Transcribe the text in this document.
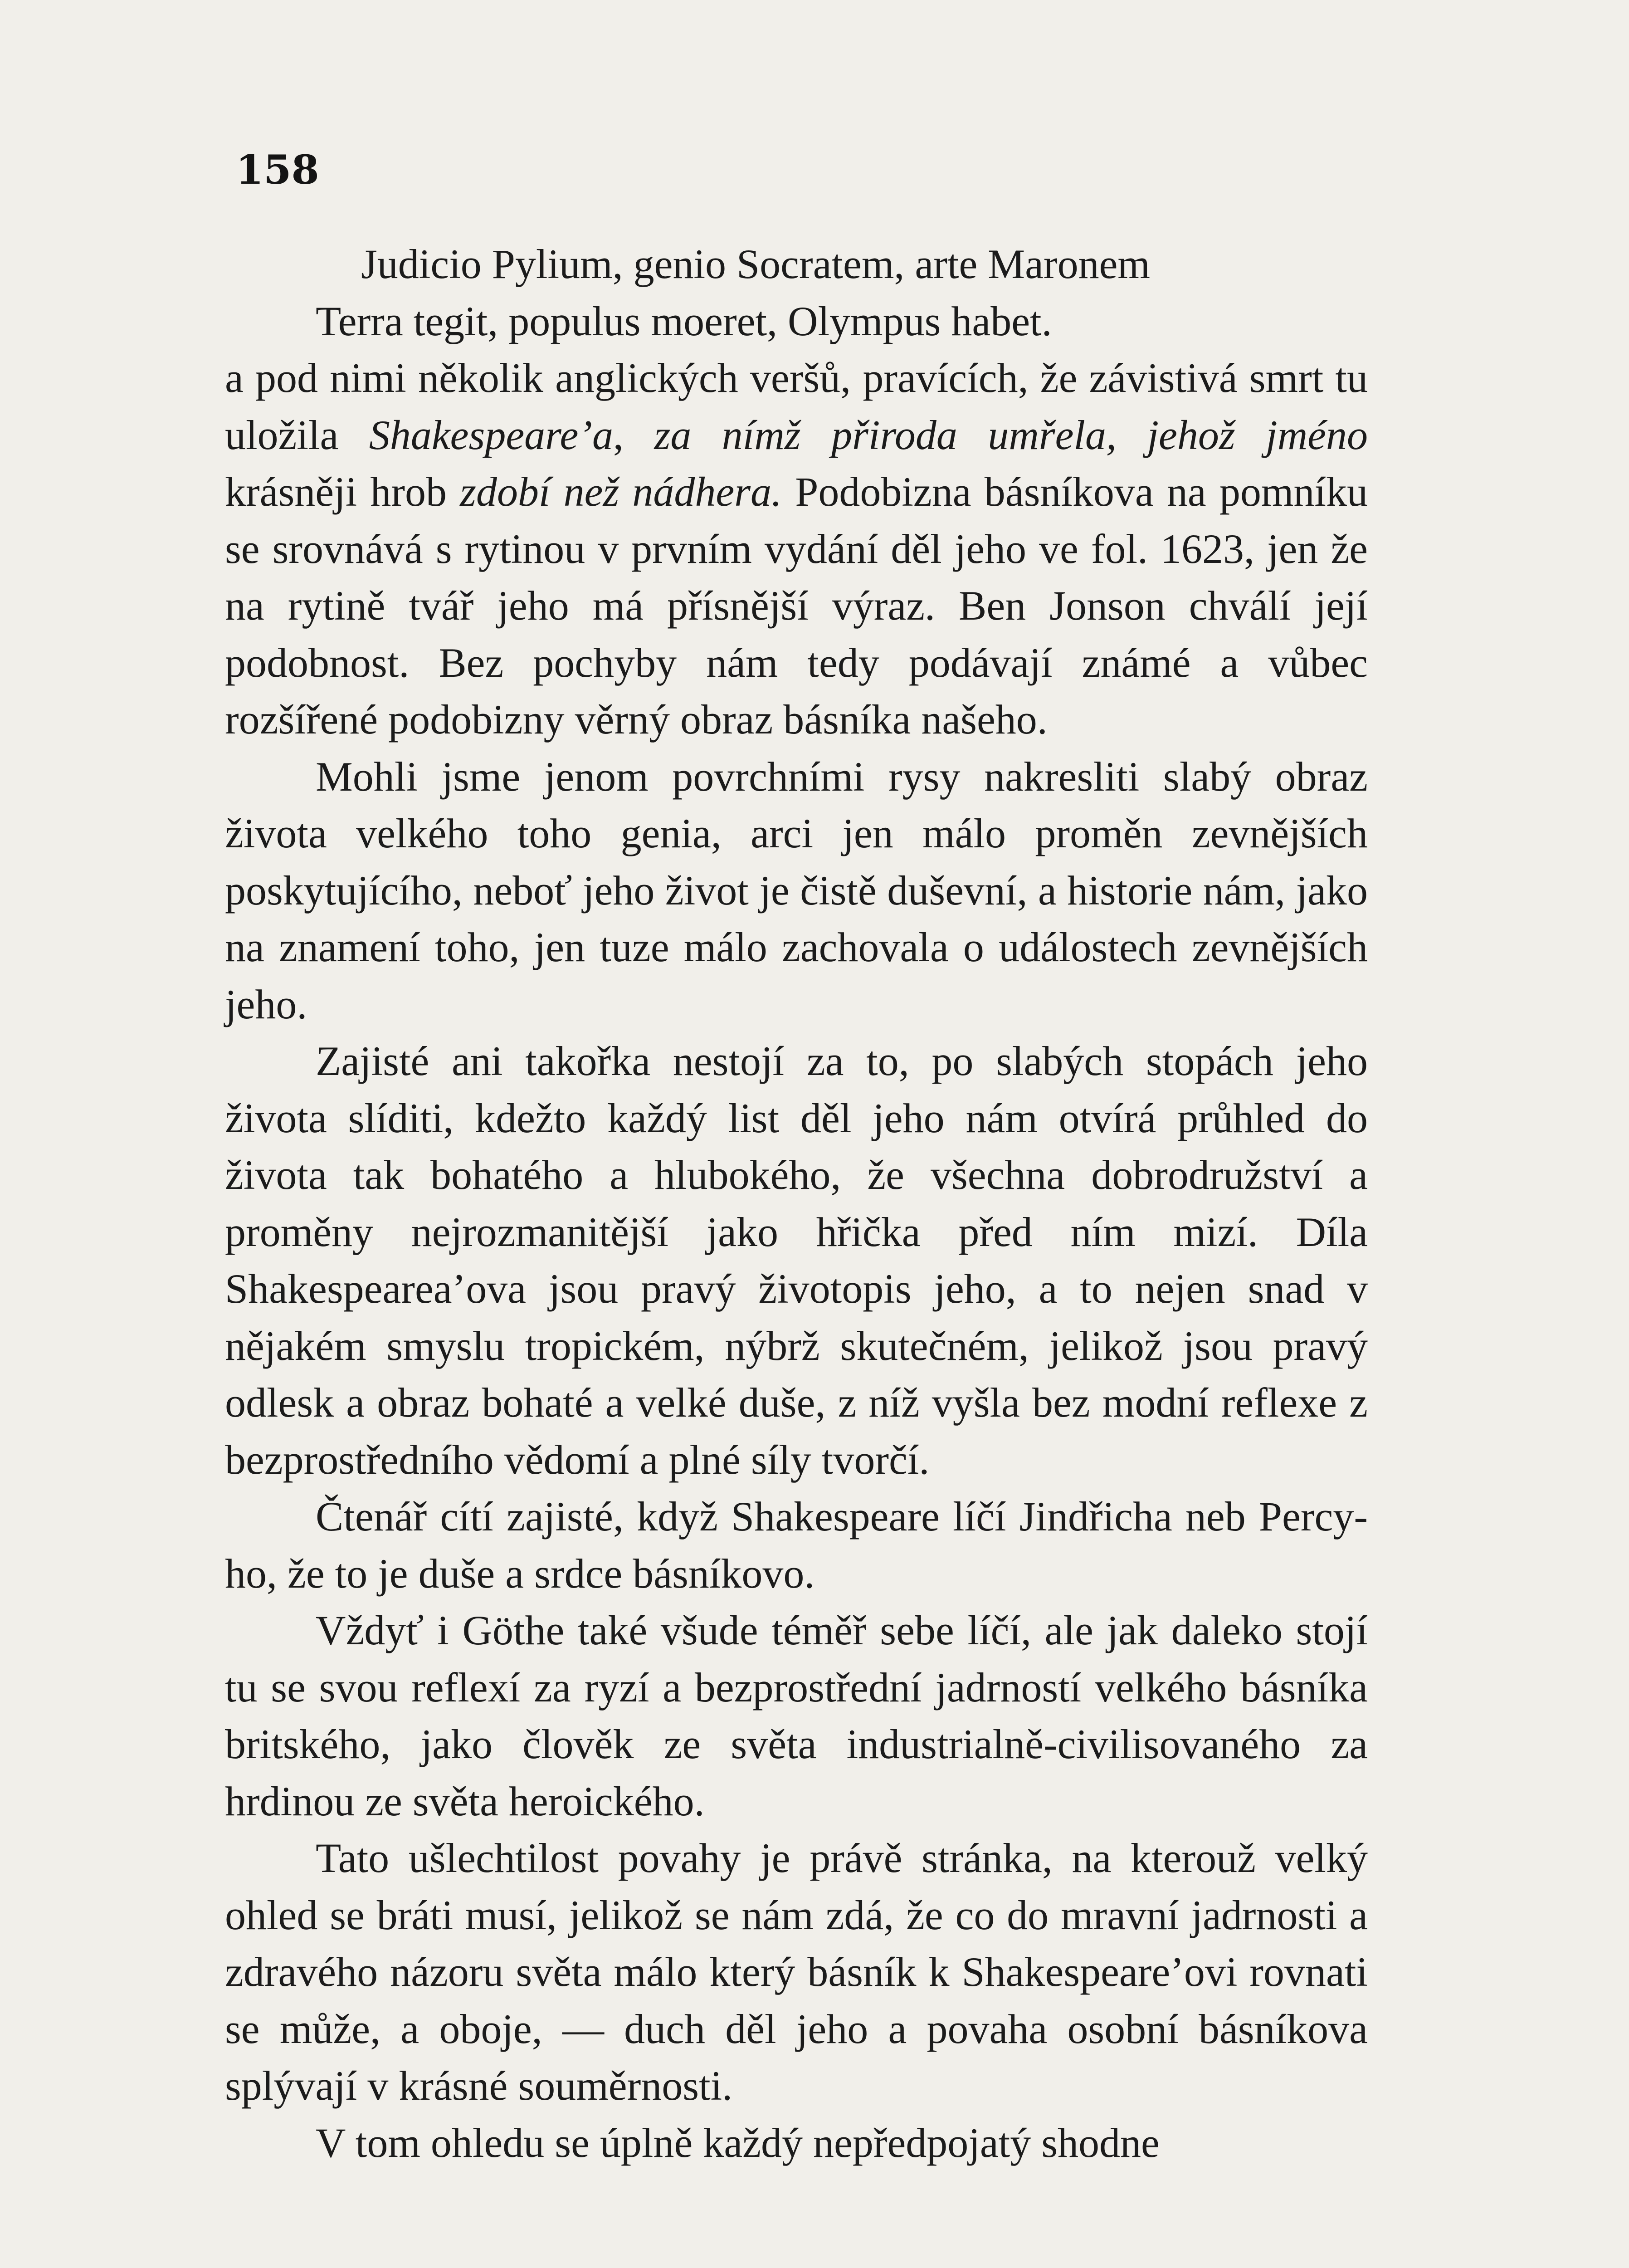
158
Judicio Pylium, genio Socratem, arte Maronem
Terra tegit, populus moeret, Olympus habet.

a pod nimi několik anglických veršů, pravících, že závistivá smrt tu uložila Shakespeare’a, za nímž přiroda umřela, jehož jméno krásněji hrob zdobí než nádhera. Podobizna básníkova na pomníku se srovnává s rytinou v prvním vydání děl jeho ve fol. 1623, jen že na rytině tvář jeho má přísnější výraz. Ben Jonson chválí její podobnost. Bez pochyby nám tedy podávají známé a vůbec rozšířené podobizny věrný obraz básníka našeho.

Mohli jsme jenom povrchními rysy nakresliti slabý obraz života velkého toho genia, arci jen málo proměn zevnějších poskytujícího, neboť jeho život je čistě duševní, a historie nám, jako na znamení toho, jen tuze málo zachovala o událostech zevnějších jeho.

Zajisté ani takořka nestojí za to, po slabých stopách jeho života slíditi, kdežto každý list děl jeho nám otvírá průhled do života tak bohatého a hlubokého, že všechna dobrodružství a proměny nejrozmanitější jako hřička před ním mizí. Díla Shakespearea’ova jsou pravý životopis jeho, a to nejen snad v nějakém smyslu tropickém, nýbrž skutečném, jelikož jsou pravý odlesk a obraz bohaté a velké duše, z níž vyšla bez modní reflexe z bezprostředního vědomí a plné síly tvorčí.

Čtenář cítí zajisté, když Shakespeare líčí Jindřicha neb Percy-ho, že to je duše a srdce básníkovo.

Vždyť i Göthe také všude téměř sebe líčí, ale jak daleko stojí tu se svou reflexí za ryzí a bezprostřední jadrností velkého básníka britského, jako člověk ze světa industrialně-civilisovaného za hrdinou ze světa heroického.

Tato ušlechtilost povahy je právě stránka, na kterouž velký ohled se bráti musí, jelikož se nám zdá, že co do mravní jadrnosti a zdravého názoru světa málo který básník k Shakespeare’ovi rovnati se může, a oboje, — duch děl jeho a povaha osobní básníkova splývají v krásné souměrnosti.

V tom ohledu se úplně každý nepředpojatý shodne
